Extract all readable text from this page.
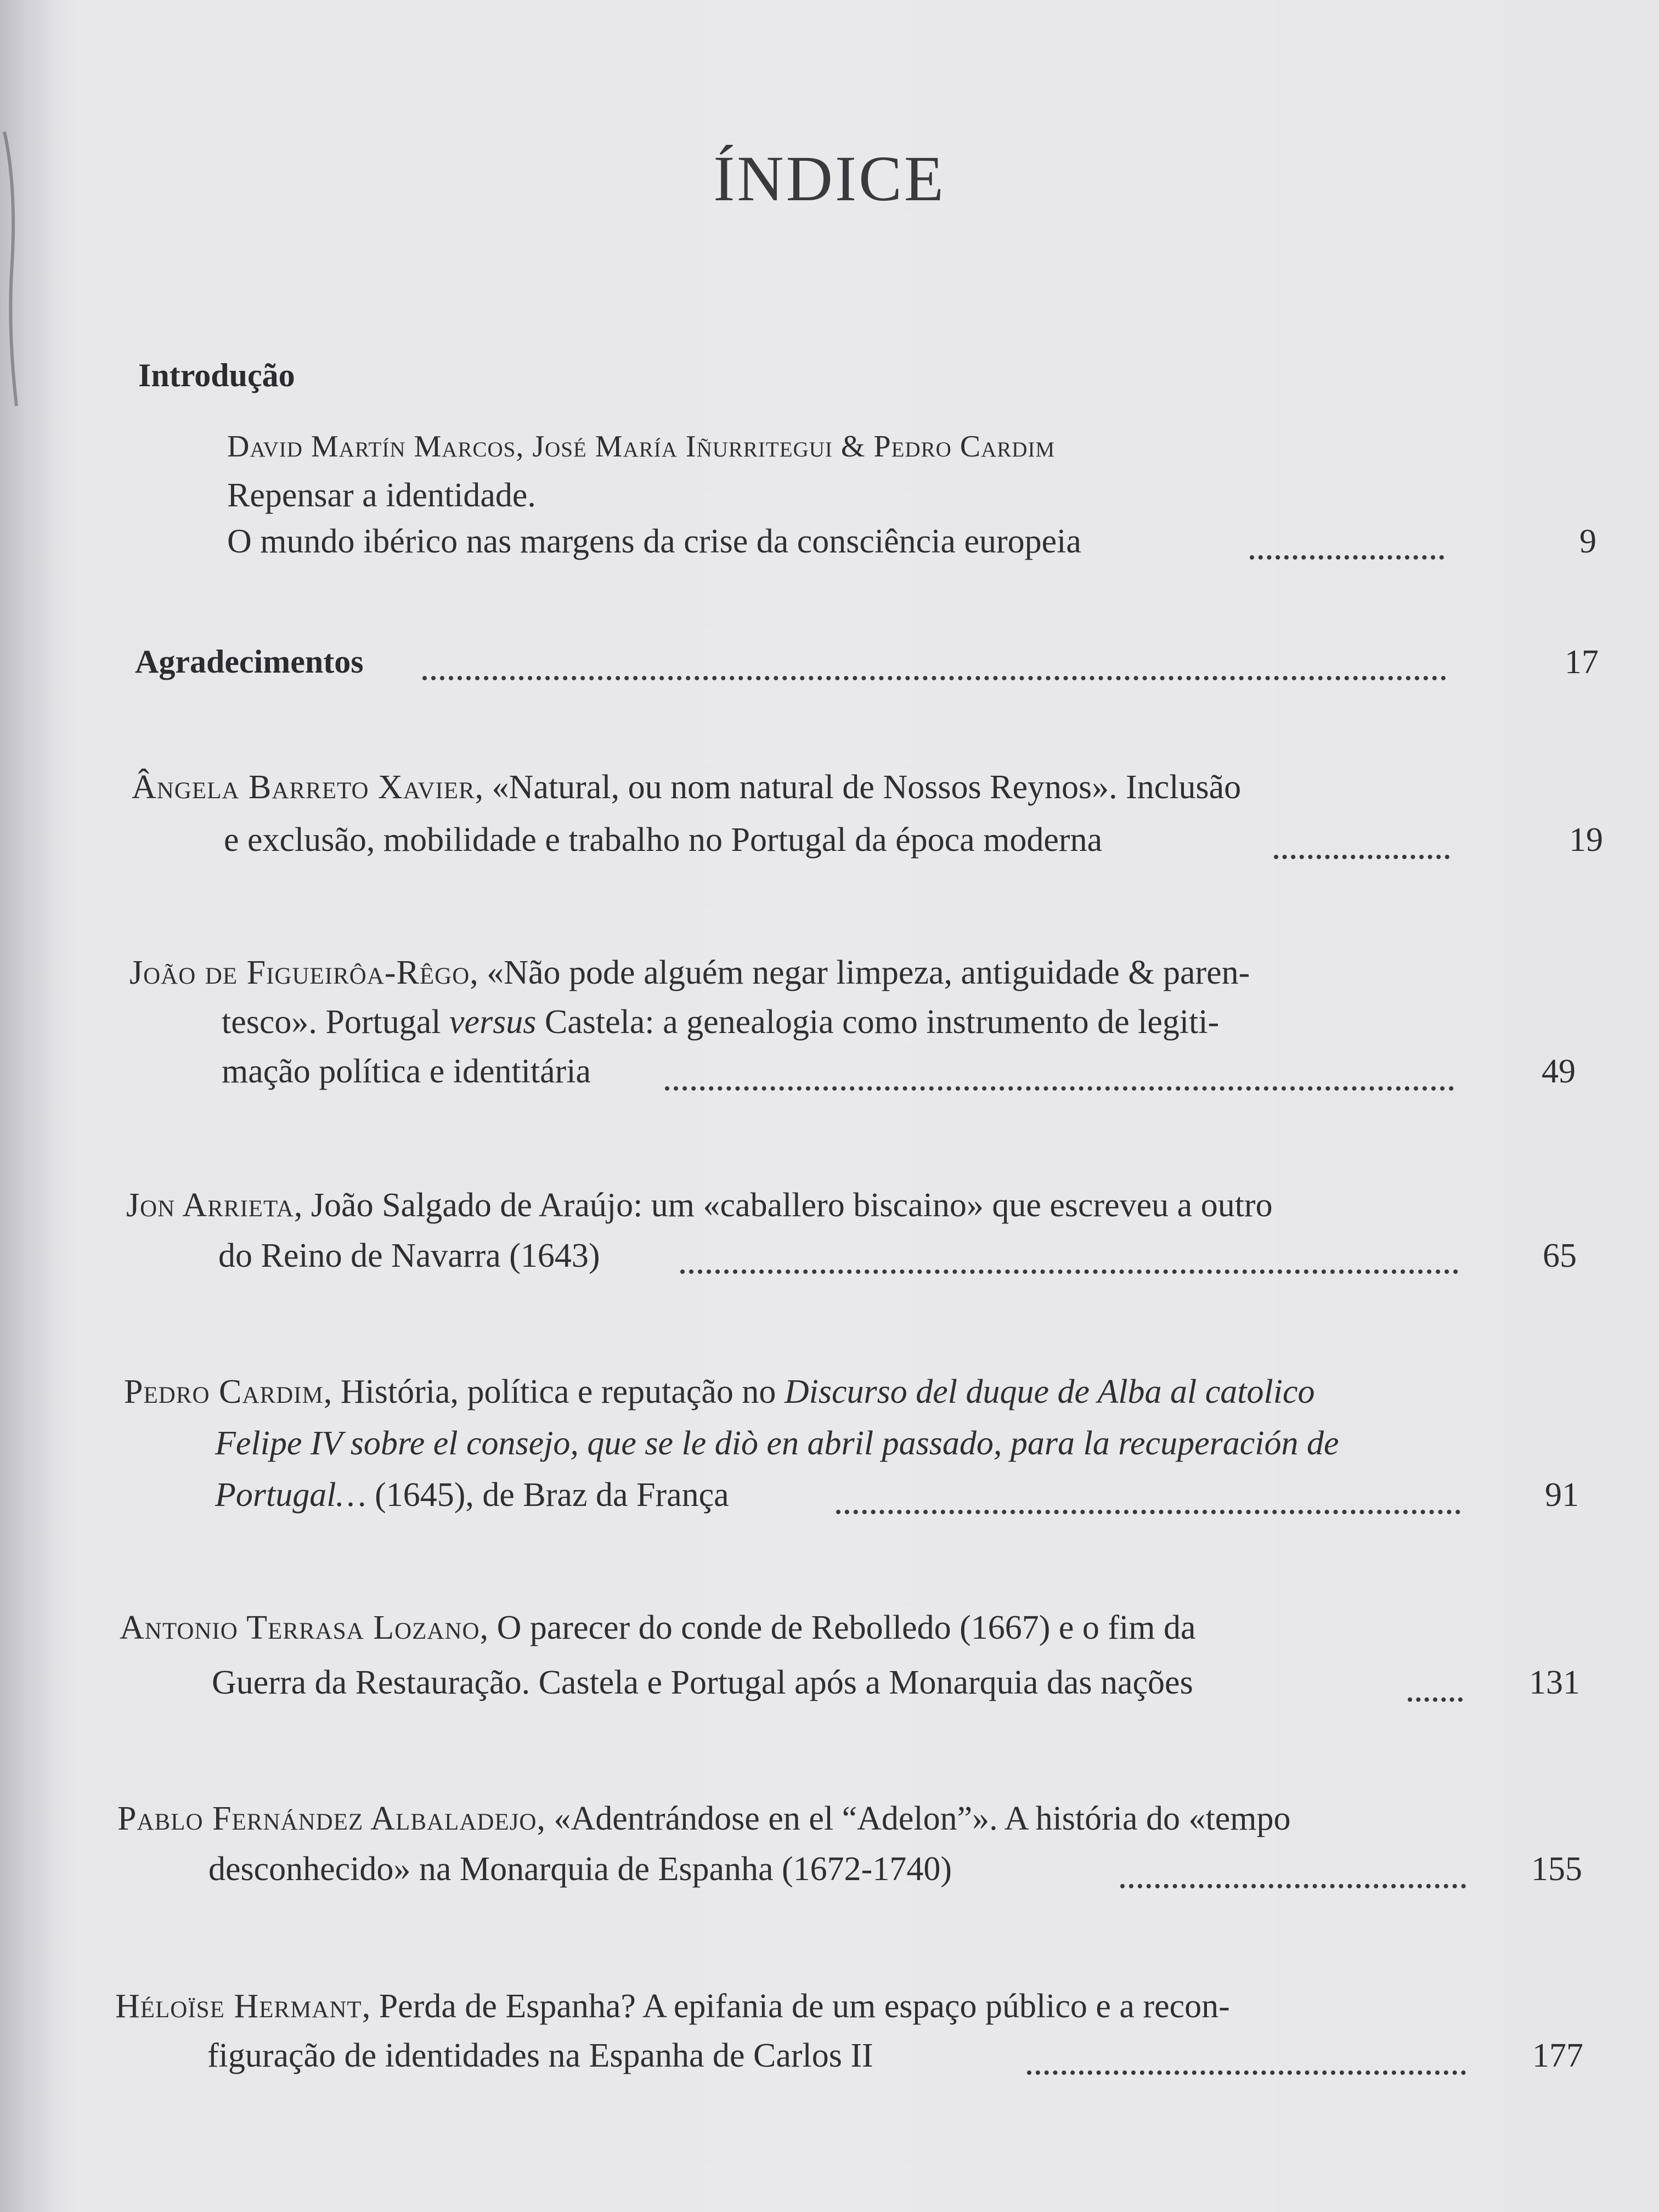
ÍNDICE
Introdução
David Martín Marcos, José María Iñurritegui & Pedro Cardim
Repensar a identidade.
O mundo ibérico nas margens da crise da consciência europeia	9
Agradecimentos	17
Ângela Barreto Xavier, «Natural, ou nom natural de Nossos Reynos». Inclusão
e exclusão, mobilidade e trabalho no Portugal da época moderna	19
João de Figueirôa-Rêgo, «Não pode alguém negar limpeza, antiguidade & paren-
tesco». Portugal versus Castela: a genealogia como instrumento de legiti-
mação política e identitária	49
Jon Arrieta, João Salgado de Araújo: um «caballero biscaino» que escreveu a outro
do Reino de Navarra (1643)	65
Pedro Cardim, História, política e reputação no Discurso del duque de Alba al catolico
Felipe IV sobre el consejo, que se le diò en abril passado, para la recuperación de
Portugal… (1645), de Braz da França	91
Antonio Terrasa Lozano, O parecer do conde de Rebolledo (1667) e o fim da
Guerra da Restauração. Castela e Portugal após a Monarquia das nações	131
Pablo Fernández Albaladejo, «Adentrándose en el “Adelon”». A história do «tempo
desconhecido» na Monarquia de Espanha (1672-1740)	155
Héloïse Hermant, Perda de Espanha? A epifania de um espaço público e a recon-
figuração de identidades na Espanha de Carlos II	177
